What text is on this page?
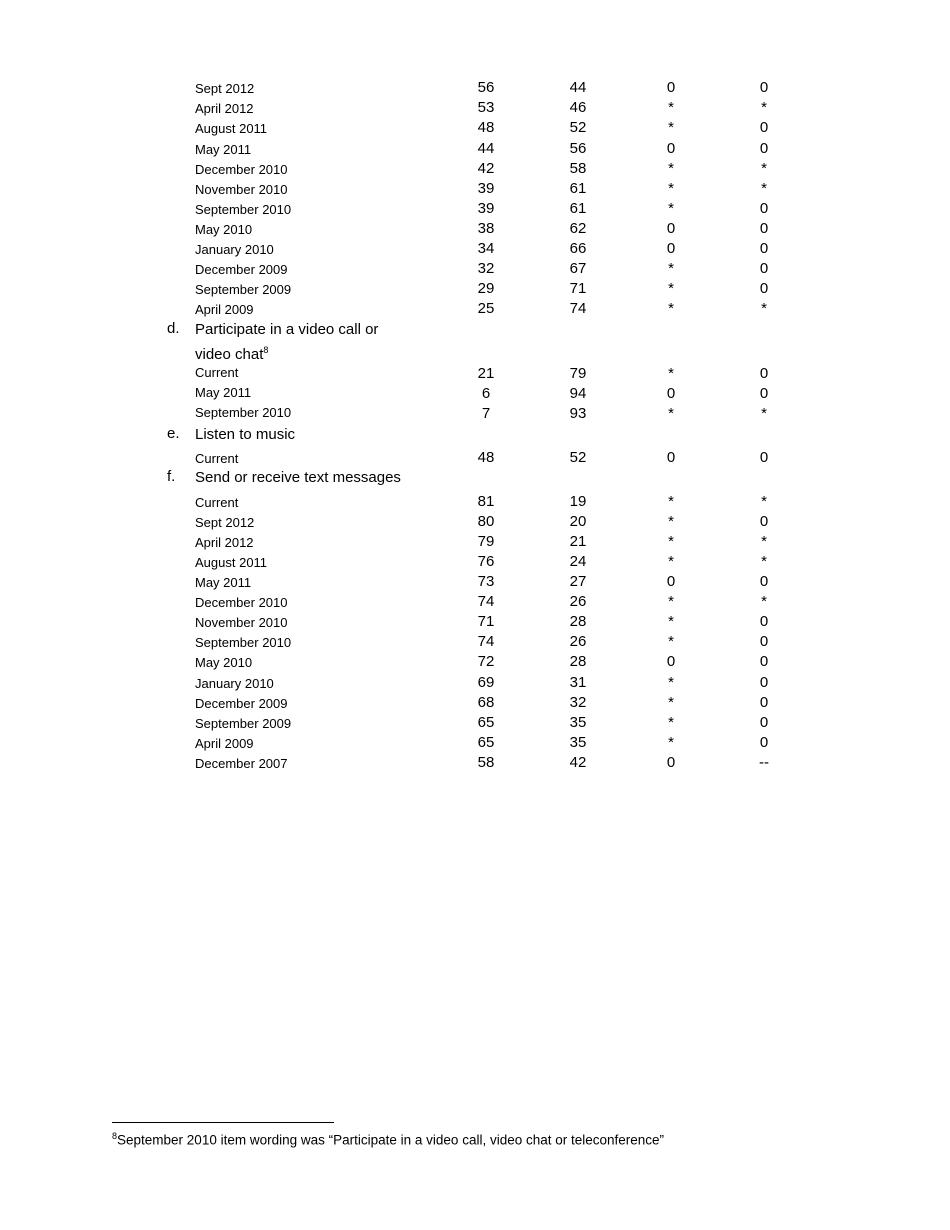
Sept 2012	56	44	0	0
April 2012	53	46	*	*
August 2011	48	52	*	0
May 2011	44	56	0	0
December 2010	42	58	*	*
November 2010	39	61	*	*
September 2010	39	61	*	0
May 2010	38	62	0	0
January 2010	34	66	0	0
December 2009	32	67	*	0
September 2009	29	71	*	0
April 2009	25	74	*	*
d. Participate in a video call or
video chat$^8$
Current	21	79	*	0
May 2011	6	94	0	0
September 2010	7	93	*	*
e. Listen to music
Current	48	52	0	0
f. Send or receive text messages
Current	81	19	*	*
Sept 2012	80	20	*	0
April 2012	79	21	*	*
August 2011	76	24	*	*
May 2011	73	27	0	0
December 2010	74	26	*	*
November 2010	71	28	*	0
September 2010	74	26	*	0
May 2010	72	28	0	0
January 2010	69	31	*	0
December 2009	68	32	*	0
September 2009	65	35	*	0
April 2009	65	35	*	0
December 2007	58	42	0	--
$^8$September 2010 item wording was “Participate in a video call, video chat or teleconference”
